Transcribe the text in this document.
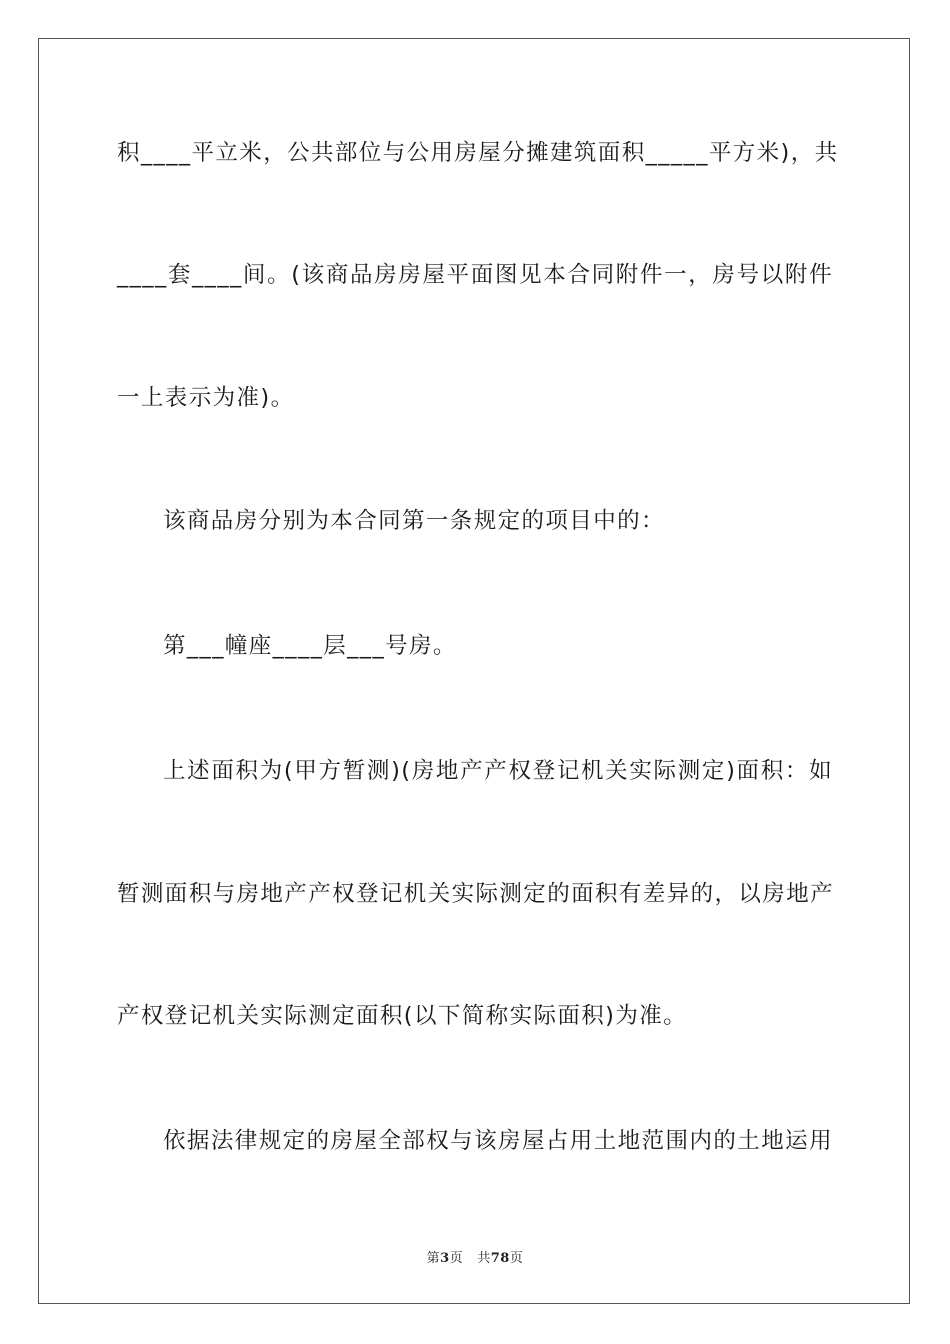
积____平立米，公共部位与公用房屋分摊建筑面积_____平方米)，共
____套____间。(该商品房房屋平面图见本合同附件一，房号以附件
一上表示为准)。
该商品房分别为本合同第一条规定的项目中的：
第___幢座____层___号房。
上述面积为(甲方暂测)(房地产产权登记机关实际测定)面积：如
暂测面积与房地产产权登记机关实际测定的面积有差异的，以房地产
产权登记机关实际测定面积(以下简称实际面积)为准。
依据法律规定的房屋全部权与该房屋占用土地范围内的土地运用
第3页 共78页
